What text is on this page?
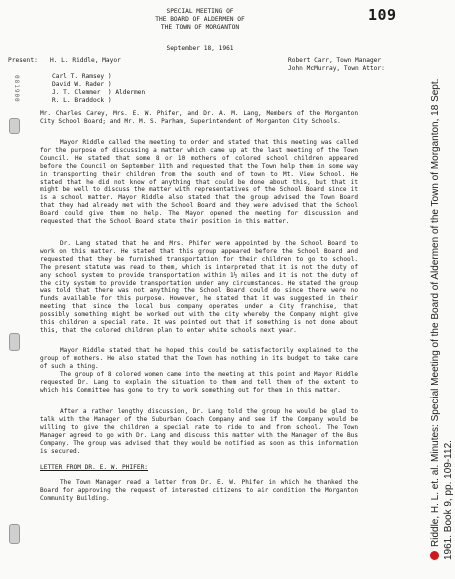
081900
109
SPECIAL MEETING OF
THE BOARD OF ALDERMEN OF
THE TOWN OF MORGANTON
September 18, 1961
Present: H. L. Riddle, Mayor	Robert Carr, Town Manager
John McMurray, Town Attor:
Carl T. Ramsey )
David W. Rader )
J. T. Clemmer  ) Aldermen
R. L. Braddock )
Mr. Charles Carey, Mrs. E. W. Phifer, and Dr. A. M. Lang, Members of the Morganton City School Board; and Mr. M. S. Parham, Superintendent of Morganton City Schools.
Mayor Riddle called the meeting to order and stated that this meeting was called for the purpose of discussing a matter which came up at the last meeting of the Town Council. He stated that some 8 or 10 mothers of colored school children appeared before the Council on September 11th and requested that the Town help them in some way in transporting their children from the south end of town to Mt. View School. He stated that he did not know of anything that could be done about this, but that it might be well to discuss the matter with representatives of the School Board since it is a school matter. Mayor Riddle also stated that the group advised the Town Board that they had already met with the School Board and they were advised that the School Board could give them no help. The Mayor opened the meeting for discussion and requested that the School Board state their position in this matter.
Dr. Lang stated that he and Mrs. Phifer were appointed by the School Board to work on this matter. He stated that this group appeared before the School Board and requested that they be furnished transportation for their children to go to school. The present statute was read to them, which is interpreted that it is not the duty of any school system to provide transportation within 1½ miles and it is not the duty of the city system to provide transportation under any circumstances. He stated the group was told that there was not anything the School Board could do since there were no funds available for this purpose. However, he stated that it was suggested in their meeting that since the local bus company operates under a City franchise, that possibly something might be worked out with the city whereby the Company might give this children a special rate. It was pointed out that if something is not done about this, that the colored children plan to enter white schools next year.
Mayor Riddle stated that he hoped this could be satisfactorily explained to the group of mothers. He also stated that the Town has nothing in its budget to take care of such a thing.
The group of 8 colored women came into the meeting at this point and Mayor Riddle requested Dr. Lang to explain the situation to them and tell them of the extent to which his Committee has gone to try to work something out for them in this matter.
After a rather lengthy discussion, Dr. Lang told the group he would be glad to talk with the Manager of the Suburban Coach Company and see if the Company would be willing to give the children a special rate to ride to and from school. The Town Manager agreed to go with Dr. Lang and discuss this matter with the Manager of the Bus Company. The group was advised that they would be notified as soon as this information is secured.
LETTER FROM DR. E. W. PHIFER:
The Town Manager read a letter from Dr. E. W. Phifer in which he thanked the Board for approving the request of interested citizens to air condition the Morganton Community Building.	Riddle, H. L. et. al. Minutes: Special Meeting of the Board of Aldermen of the Town of Morganton, 18 Sept. 1961. Book 9, pp. 109-112.
